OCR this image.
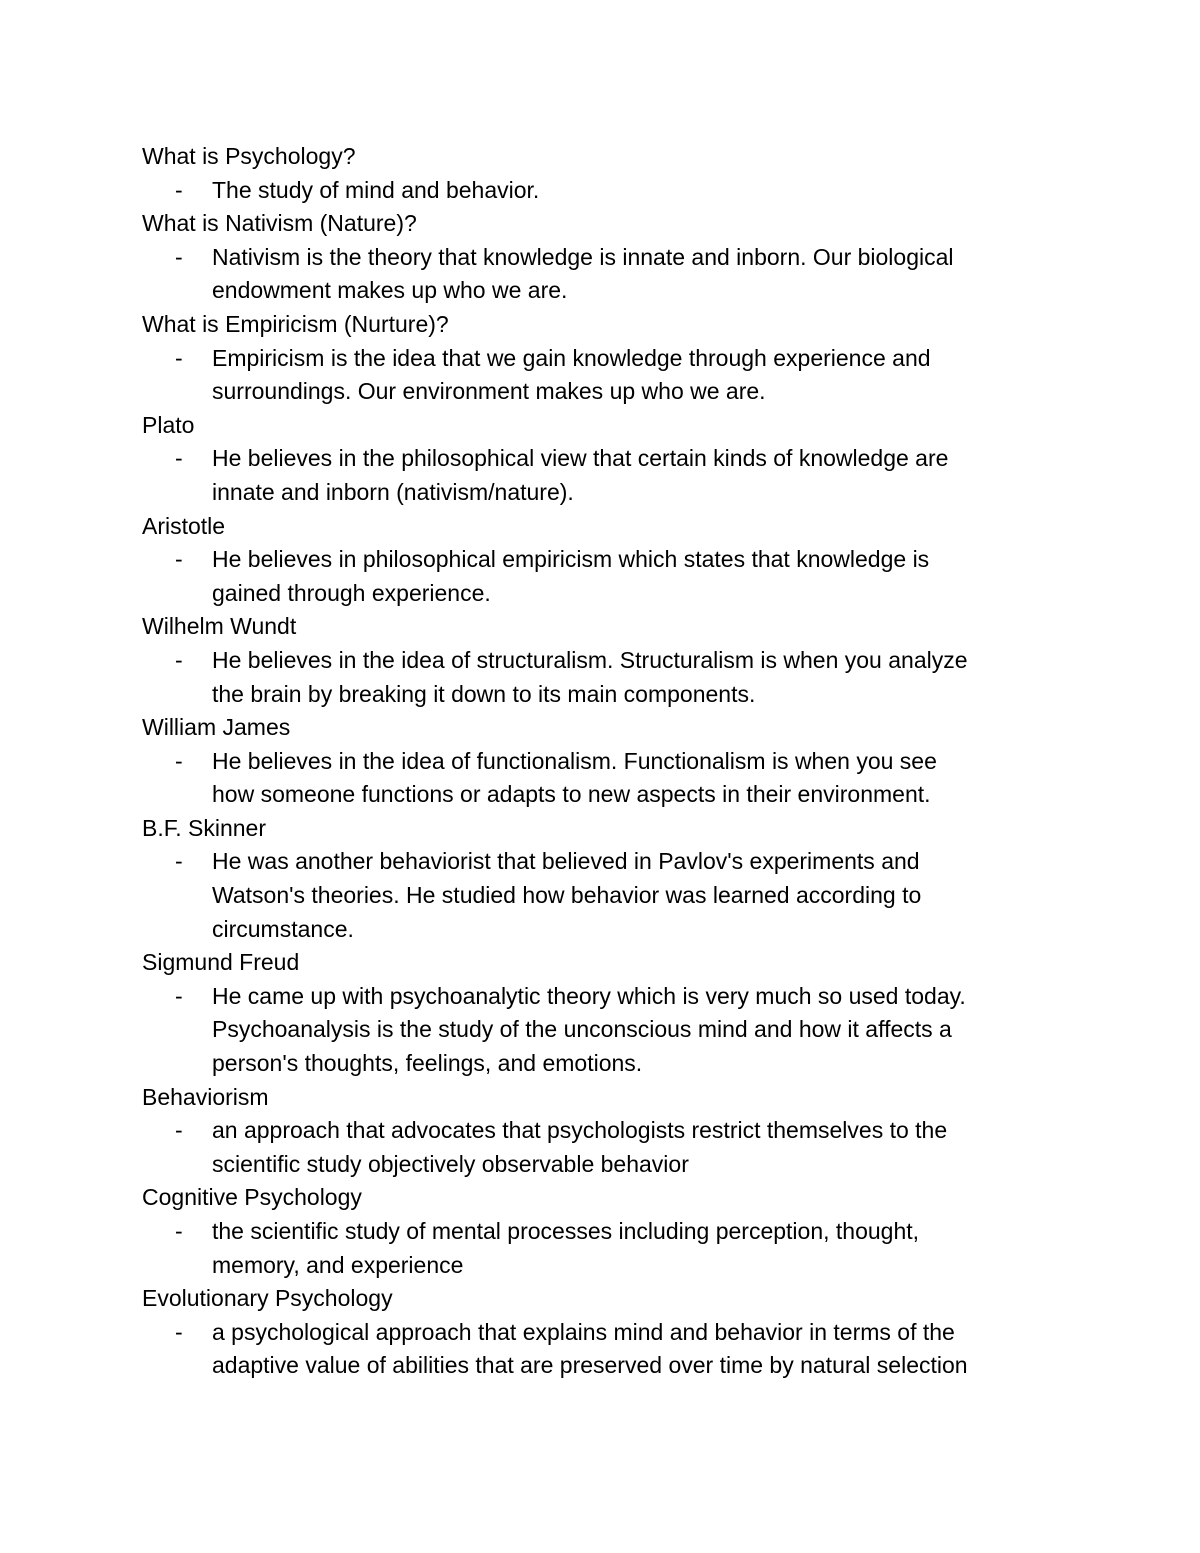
What is Psychology?
- The study of mind and behavior.
What is Nativism (Nature)?
- Nativism is the theory that knowledge is innate and inborn. Our biological
endowment makes up who we are.
What is Empiricism (Nurture)?
- Empiricism is the idea that we gain knowledge through experience and
surroundings. Our environment makes up who we are.
Plato
- He believes in the philosophical view that certain kinds of knowledge are
innate and inborn (nativism/nature).
Aristotle
- He believes in philosophical empiricism which states that knowledge is
gained through experience.
Wilhelm Wundt
- He believes in the idea of structuralism. Structuralism is when you analyze
the brain by breaking it down to its main components.
William James
- He believes in the idea of functionalism. Functionalism is when you see
how someone functions or adapts to new aspects in their environment.
B.F. Skinner
- He was another behaviorist that believed in Pavlov's experiments and
Watson's theories. He studied how behavior was learned according to
circumstance.
Sigmund Freud
- He came up with psychoanalytic theory which is very much so used today.
Psychoanalysis is the study of the unconscious mind and how it affects a
person's thoughts, feelings, and emotions.
Behaviorism
- an approach that advocates that psychologists restrict themselves to the
scientific study objectively observable behavior
Cognitive Psychology
- the scientific study of mental processes including perception, thought,
memory, and experience
Evolutionary Psychology
- a psychological approach that explains mind and behavior in terms of the
adaptive value of abilities that are preserved over time by natural selection
